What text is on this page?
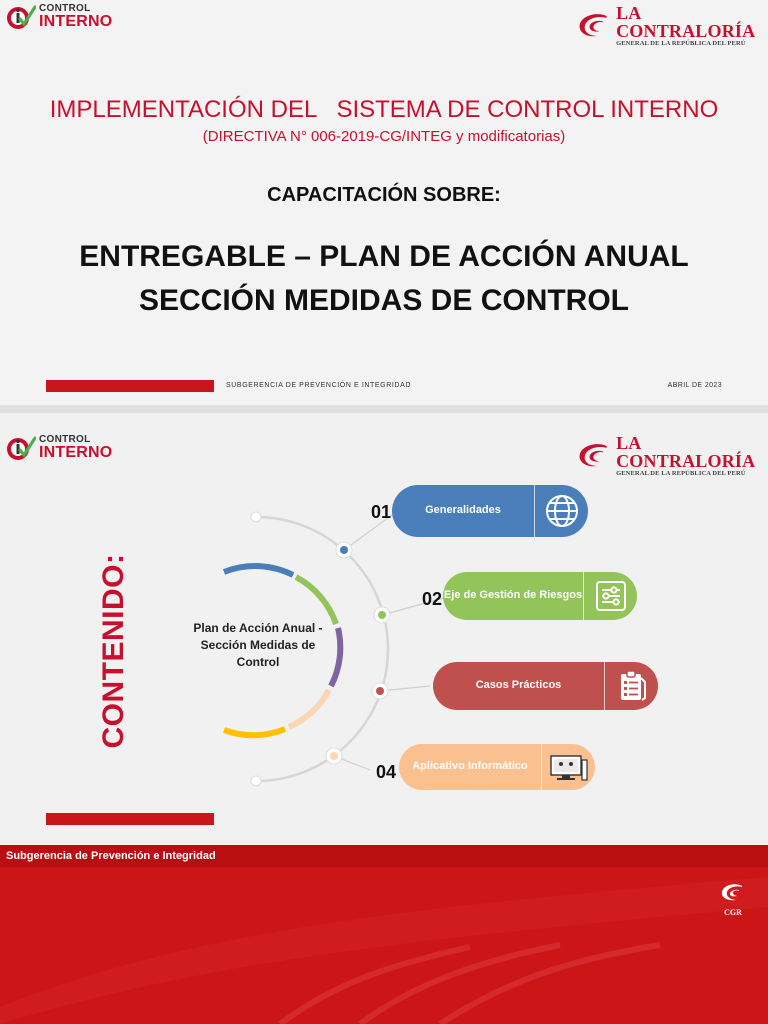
CONTROL
INTERNO	LA CONTRALORÍA
GENERAL DE LA REPÚBLICA DEL PERÚ
IMPLEMENTACIÓN DEL   SISTEMA DE CONTROL INTERNO
(DIRECTIVA N° 006-2019-CG/INTEG y modificatorias)
CAPACITACIÓN SOBRE:
ENTREGABLE – PLAN DE ACCIÓN ANUAL
SECCIÓN MEDIDAS DE CONTROL
SUBGERENCIA DE PREVENCIÓN E INTEGRIDAD	ABRIL DE 2023
CONTROL
INTERNO	LA CONTRALORÍA
GENERAL DE LA REPÚBLICA DEL PERÚ
CONTENIDO:	Plan de Acción Anual - Sección Medidas de Control
01
02
04
Generalidades
Eje de Gestión de Riesgos
Casos Prácticos
Aplicativo Informático
Subgerencia de Prevención e Integridad
CGR
